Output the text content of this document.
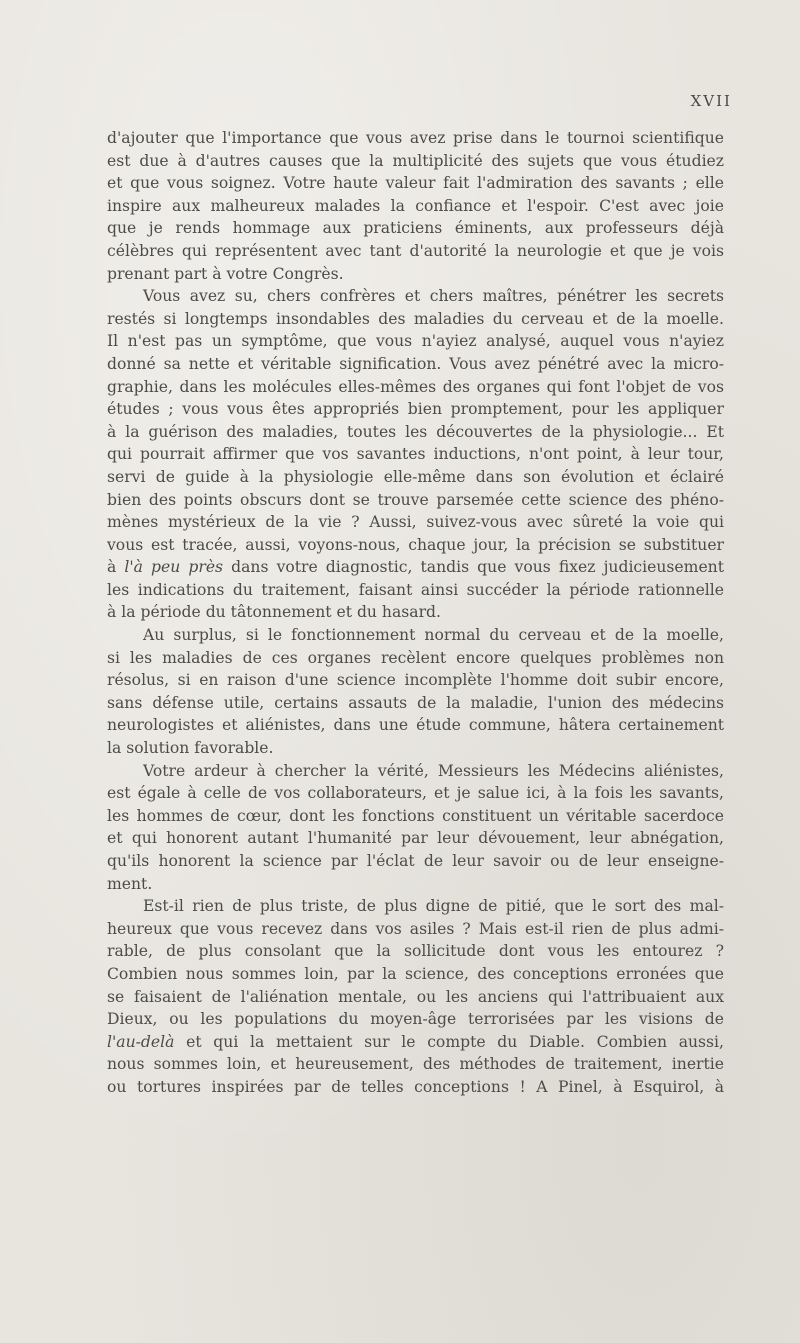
XVII
d'ajouter que l'importance que vous avez prise dans le tournoi scientifique
est due à d'autres causes que la multiplicité des sujets que vous étudiez
et que vous soignez. Votre haute valeur fait l'admiration des savants ; elle
inspire aux malheureux malades la confiance et l'espoir. C'est avec joie
que je rends hommage aux praticiens éminents, aux professeurs déjà
célèbres qui représentent avec tant d'autorité la neurologie et que je vois
prenant part à votre Congrès.
Vous avez su, chers confrères et chers maîtres, pénétrer les secrets
restés si longtemps insondables des maladies du cerveau et de la moelle.
Il n'est pas un symptôme, que vous n'ayiez analysé, auquel vous n'ayiez
donné sa nette et véritable signification. Vous avez pénétré avec la micro-
graphie, dans les molécules elles-mêmes des organes qui font l'objet de vos
études ; vous vous êtes appropriés bien promptement, pour les appliquer
à la guérison des maladies, toutes les découvertes de la physiologie... Et
qui pourrait affirmer que vos savantes inductions, n'ont point, à leur tour,
servi de guide à la physiologie elle-même dans son évolution et éclairé
bien des points obscurs dont se trouve parsemée cette science des phéno-
mènes mystérieux de la vie ? Aussi, suivez-vous avec sûreté la voie qui
vous est tracée, aussi, voyons-nous, chaque jour, la précision se substituer
à l'à peu près dans votre diagnostic, tandis que vous fixez judicieusement
les indications du traitement, faisant ainsi succéder la période rationnelle
à la période du tâtonnement et du hasard.
Au surplus, si le fonctionnement normal du cerveau et de la moelle,
si les maladies de ces organes recèlent encore quelques problèmes non
résolus, si en raison d'une science incomplète l'homme doit subir encore,
sans défense utile, certains assauts de la maladie, l'union des médecins
neurologistes et aliénistes, dans une étude commune, hâtera certainement
la solution favorable.
Votre ardeur à chercher la vérité, Messieurs les Médecins aliénistes,
est égale à celle de vos collaborateurs, et je salue ici, à la fois les savants,
les hommes de cœur, dont les fonctions constituent un véritable sacerdoce
et qui honorent autant l'humanité par leur dévouement, leur abnégation,
qu'ils honorent la science par l'éclat de leur savoir ou de leur enseigne-
ment.
Est-il rien de plus triste, de plus digne de pitié, que le sort des mal-
heureux que vous recevez dans vos asiles ? Mais est-il rien de plus admi-
rable, de plus consolant que la sollicitude dont vous les entourez ?
Combien nous sommes loin, par la science, des conceptions erronées que
se faisaient de l'aliénation mentale, ou les anciens qui l'attribuaient aux
Dieux, ou les populations du moyen-âge terrorisées par les visions de
l'au-delà et qui la mettaient sur le compte du Diable. Combien aussi,
nous sommes loin, et heureusement, des méthodes de traitement, inertie
ou tortures inspirées par de telles conceptions ! A Pinel, à Esquirol, à
